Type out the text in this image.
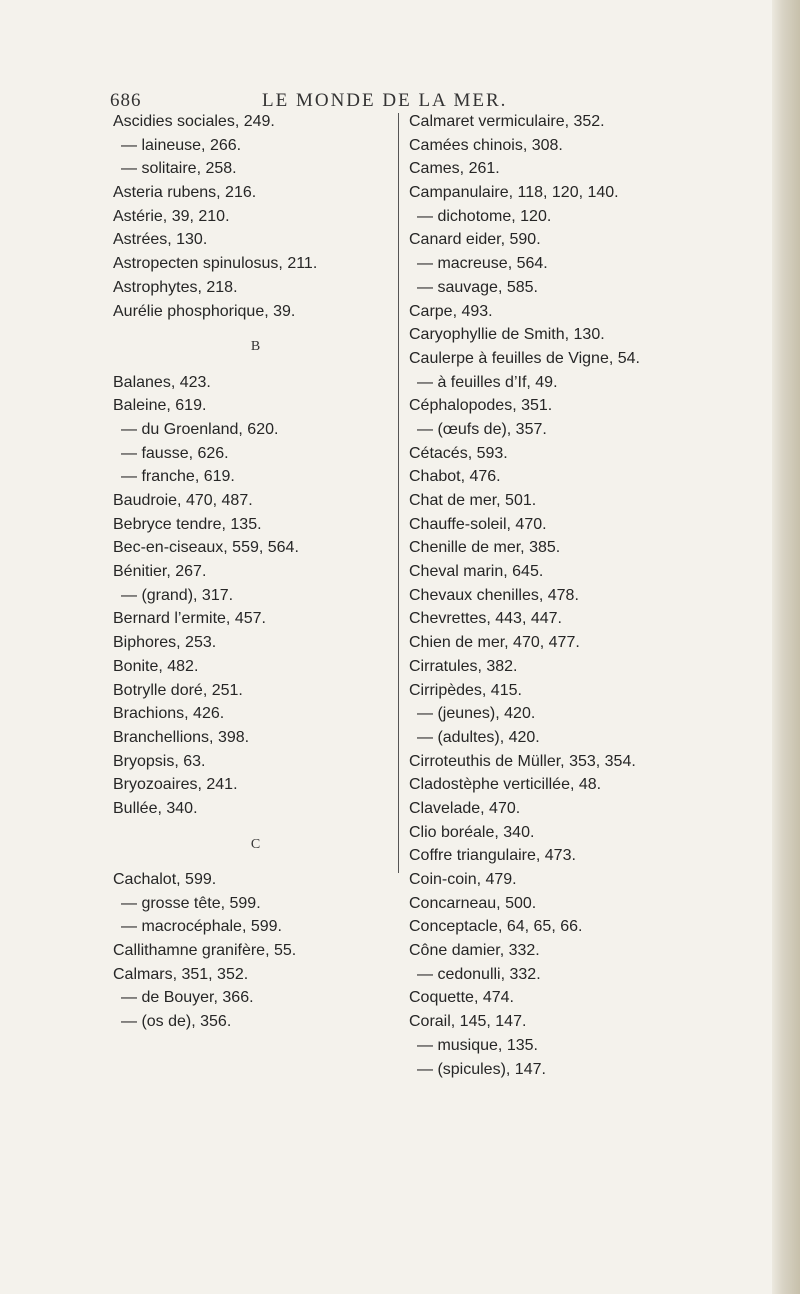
686	LE MONDE DE LA MER.
Ascidies sociales, 249.
— laineuse, 266.
— solitaire, 258.
Asteria rubens, 216.
Astérie, 39, 210.
Astrées, 130.
Astropecten spinulosus, 211.
Astrophytes, 218.
Aurélie phosphorique, 39.
B
Balanes, 423.
Baleine, 619.
— du Groenland, 620.
— fausse, 626.
— franche, 619.
Baudroie, 470, 487.
Bebryce tendre, 135.
Bec-en-ciseaux, 559, 564.
Bénitier, 267.
— (grand), 317.
Bernard l’ermite, 457.
Biphores, 253.
Bonite, 482.
Botrylle doré, 251.
Brachions, 426.
Branchellions, 398.
Bryopsis, 63.
Bryozoaires, 241.
Bullée, 340.
C
Cachalot, 599.
— grosse tête, 599.
— macrocéphale, 599.
Callithamne granifère, 55.
Calmars, 351, 352.
— de Bouyer, 366.
— (os de), 356.
Calmaret vermiculaire, 352.
Camées chinois, 308.
Cames, 261.
Campanulaire, 118, 120, 140.
— dichotome, 120.
Canard eider, 590.
— macreuse, 564.
— sauvage, 585.
Carpe, 493.
Caryophyllie de Smith, 130.
Caulerpe à feuilles de Vigne, 54.
— à feuilles d’If, 49.
Céphalopodes, 351.
— (œufs de), 357.
Cétacés, 593.
Chabot, 476.
Chat de mer, 501.
Chauffe-soleil, 470.
Chenille de mer, 385.
Cheval marin, 645.
Chevaux chenilles, 478.
Chevrettes, 443, 447.
Chien de mer, 470, 477.
Cirratules, 382.
Cirripèdes, 415.
— (jeunes), 420.
— (adultes), 420.
Cirroteuthis de Müller, 353, 354.
Cladostèphe verticillée, 48.
Clavelade, 470.
Clio boréale, 340.
Coffre triangulaire, 473.
Coin-coin, 479.
Concarneau, 500.
Conceptacle, 64, 65, 66.
Cône damier, 332.
— cedonulli, 332.
Coquette, 474.
Corail, 145, 147.
— musique, 135.
— (spicules), 147.
